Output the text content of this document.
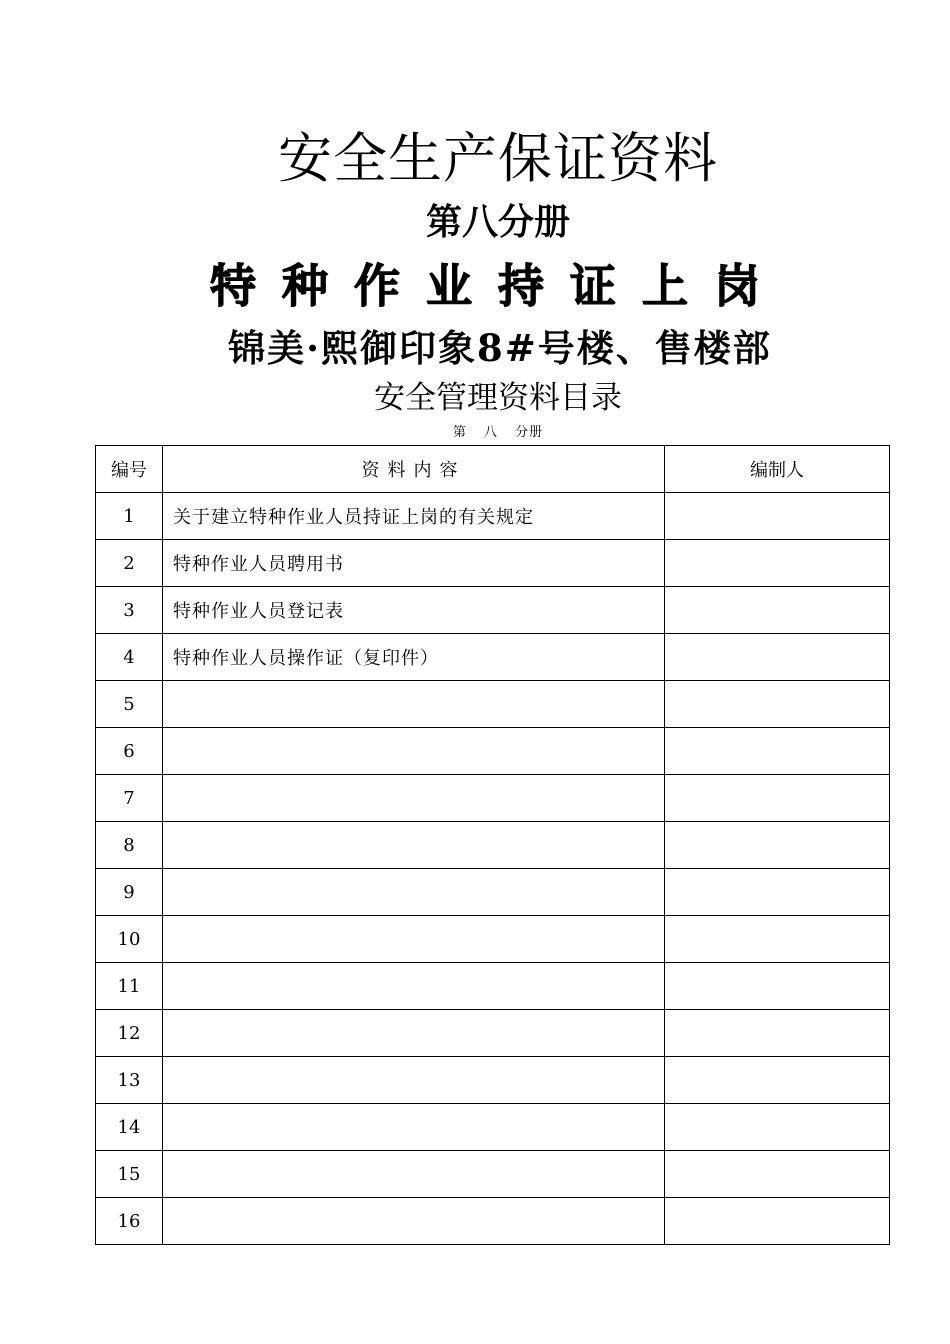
安全生产保证资料
第八分册
特种作业持证上岗
锦美·熙御印象8#号楼、售楼部
安全管理资料目录
第 八 分册
编号	资料内容	编制人
1	关于建立特种作业人员持证上岗的有关规定	
2	特种作业人员聘用书	
3	特种作业人员登记表	
4	特种作业人员操作证（复印件）	
5		
6		
7		
8		
9		
10		
11		
12		
13		
14		
15		
16		
